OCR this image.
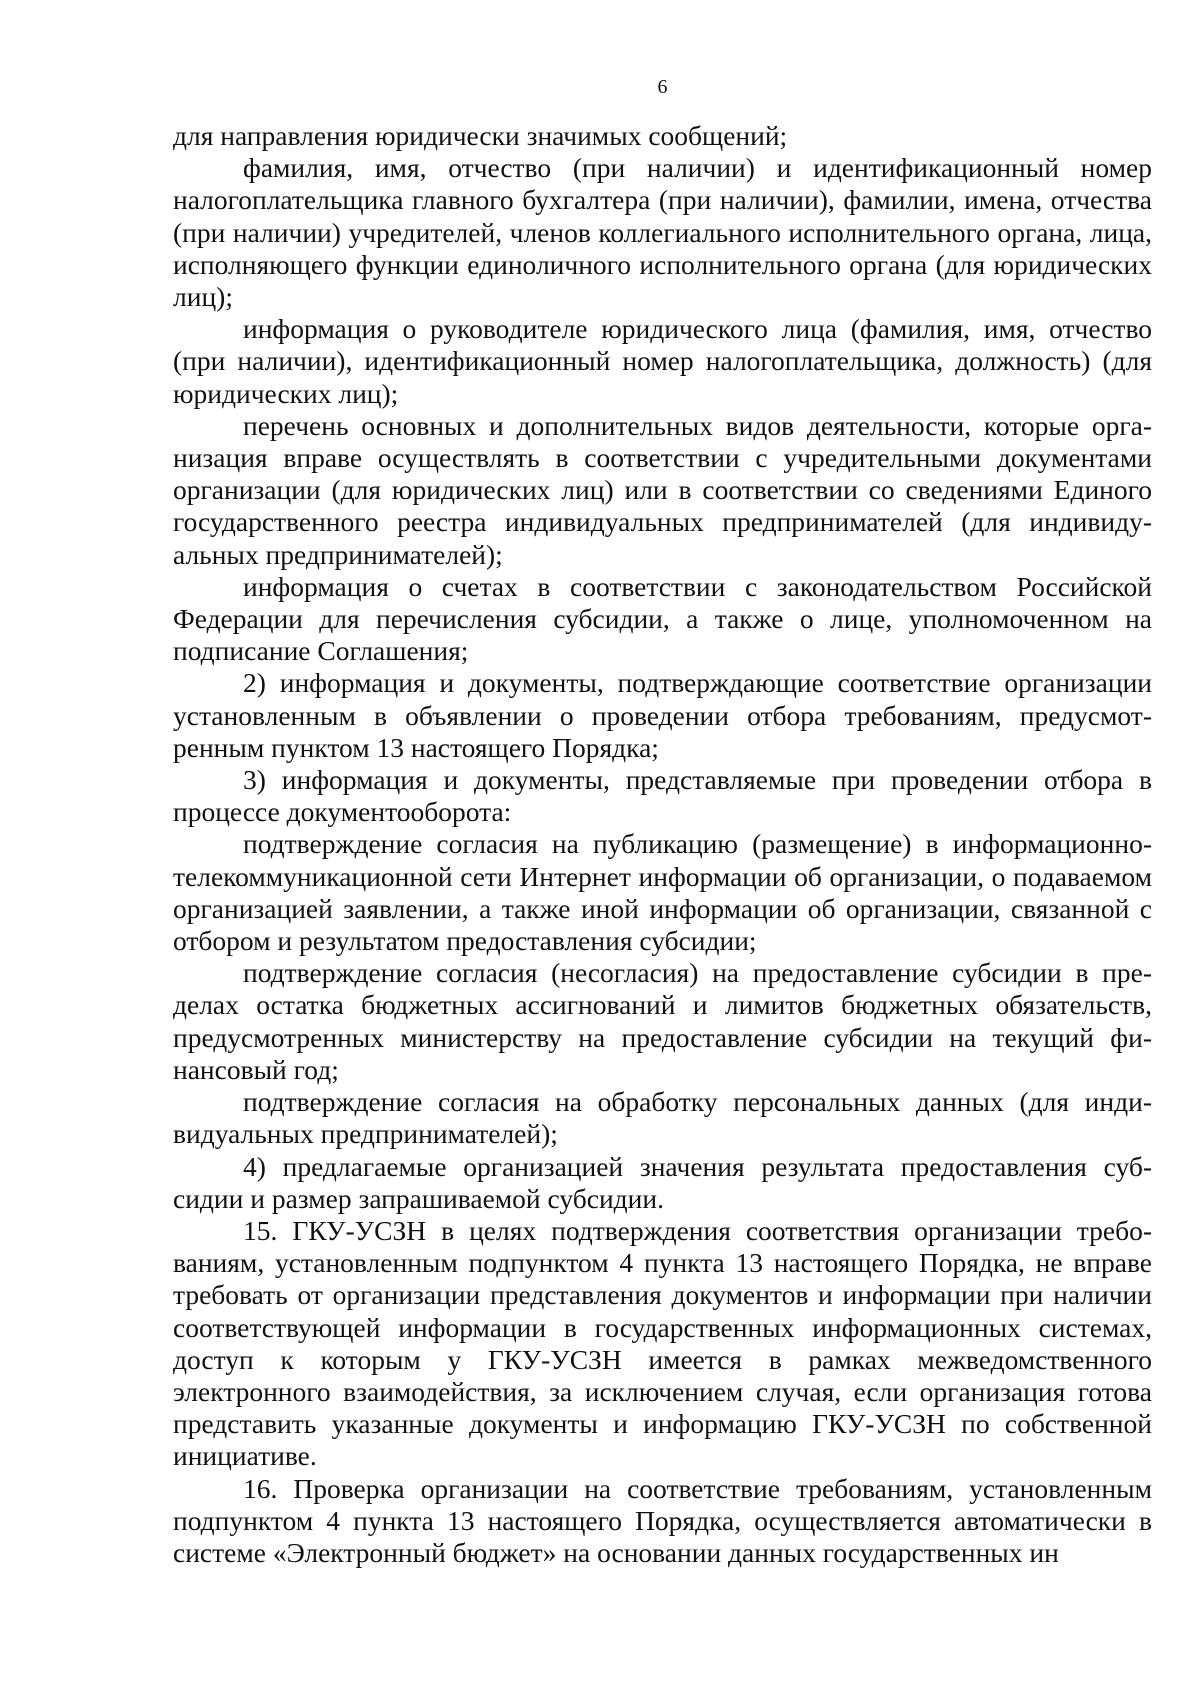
6

для направления юридически значимых сообщений;

фамилия, имя, отчество (при наличии) и идентификационный номер налогоплательщика главного бухгалтера (при наличии), фамилии, имена, отчества (при наличии) учредителей, членов коллегиального исполнительного органа, лица, исполняющего функции единоличного исполнительного органа (для юридических лиц);

информация о руководителе юридического лица (фамилия, имя, отчество (при наличии), идентификационный номер налогоплательщика, должность) (для юридических лиц);

перечень основных и дополнительных видов деятельности, которые организация вправе осуществлять в соответствии с учредительными документами организации (для юридических лиц) или в соответствии со сведениями Единого государственного реестра индивидуальных предпринимателей (для индивидуальных предпринимателей);

информация о счетах в соответствии с законодательством Российской Федерации для перечисления субсидии, а также о лице, уполномоченном на подписание Соглашения;

2) информация и документы, подтверждающие соответствие организации установленным в объявлении о проведении отбора требованиям, предусмотренным пунктом 13 настоящего Порядка;

3) информация и документы, представляемые при проведении отбора в процессе документооборота:

подтверждение согласия на публикацию (размещение) в информационно-телекоммуникационной сети Интернет информации об организации, о подаваемом организацией заявлении, а также иной информации об организации, связанной с отбором и результатом предоставления субсидии;

подтверждение согласия (несогласия) на предоставление субсидии в пределах остатка бюджетных ассигнований и лимитов бюджетных обязательств, предусмотренных министерству на предоставление субсидии на текущий финансовый год;

подтверждение согласия на обработку персональных данных (для индивидуальных предпринимателей);

4) предлагаемые организацией значения результата предоставления субсидии и размер запрашиваемой субсидии.

15. ГКУ-УСЗН в целях подтверждения соответствия организации требованиям, установленным подпунктом 4 пункта 13 настоящего Порядка, не вправе требовать от организации представления документов и информации при наличии соответствующей информации в государственных информационных системах, доступ к которым у ГКУ-УСЗН имеется в рамках межведомственного электронного взаимодействия, за исключением случая, если организация готова представить указанные документы и информацию ГКУ-УСЗН по собственной инициативе.

16. Проверка организации на соответствие требованиям, установленным подпунктом 4 пункта 13 настоящего Порядка, осуществляется автоматически в системе «Электронный бюджет» на основании данных государственных ин
